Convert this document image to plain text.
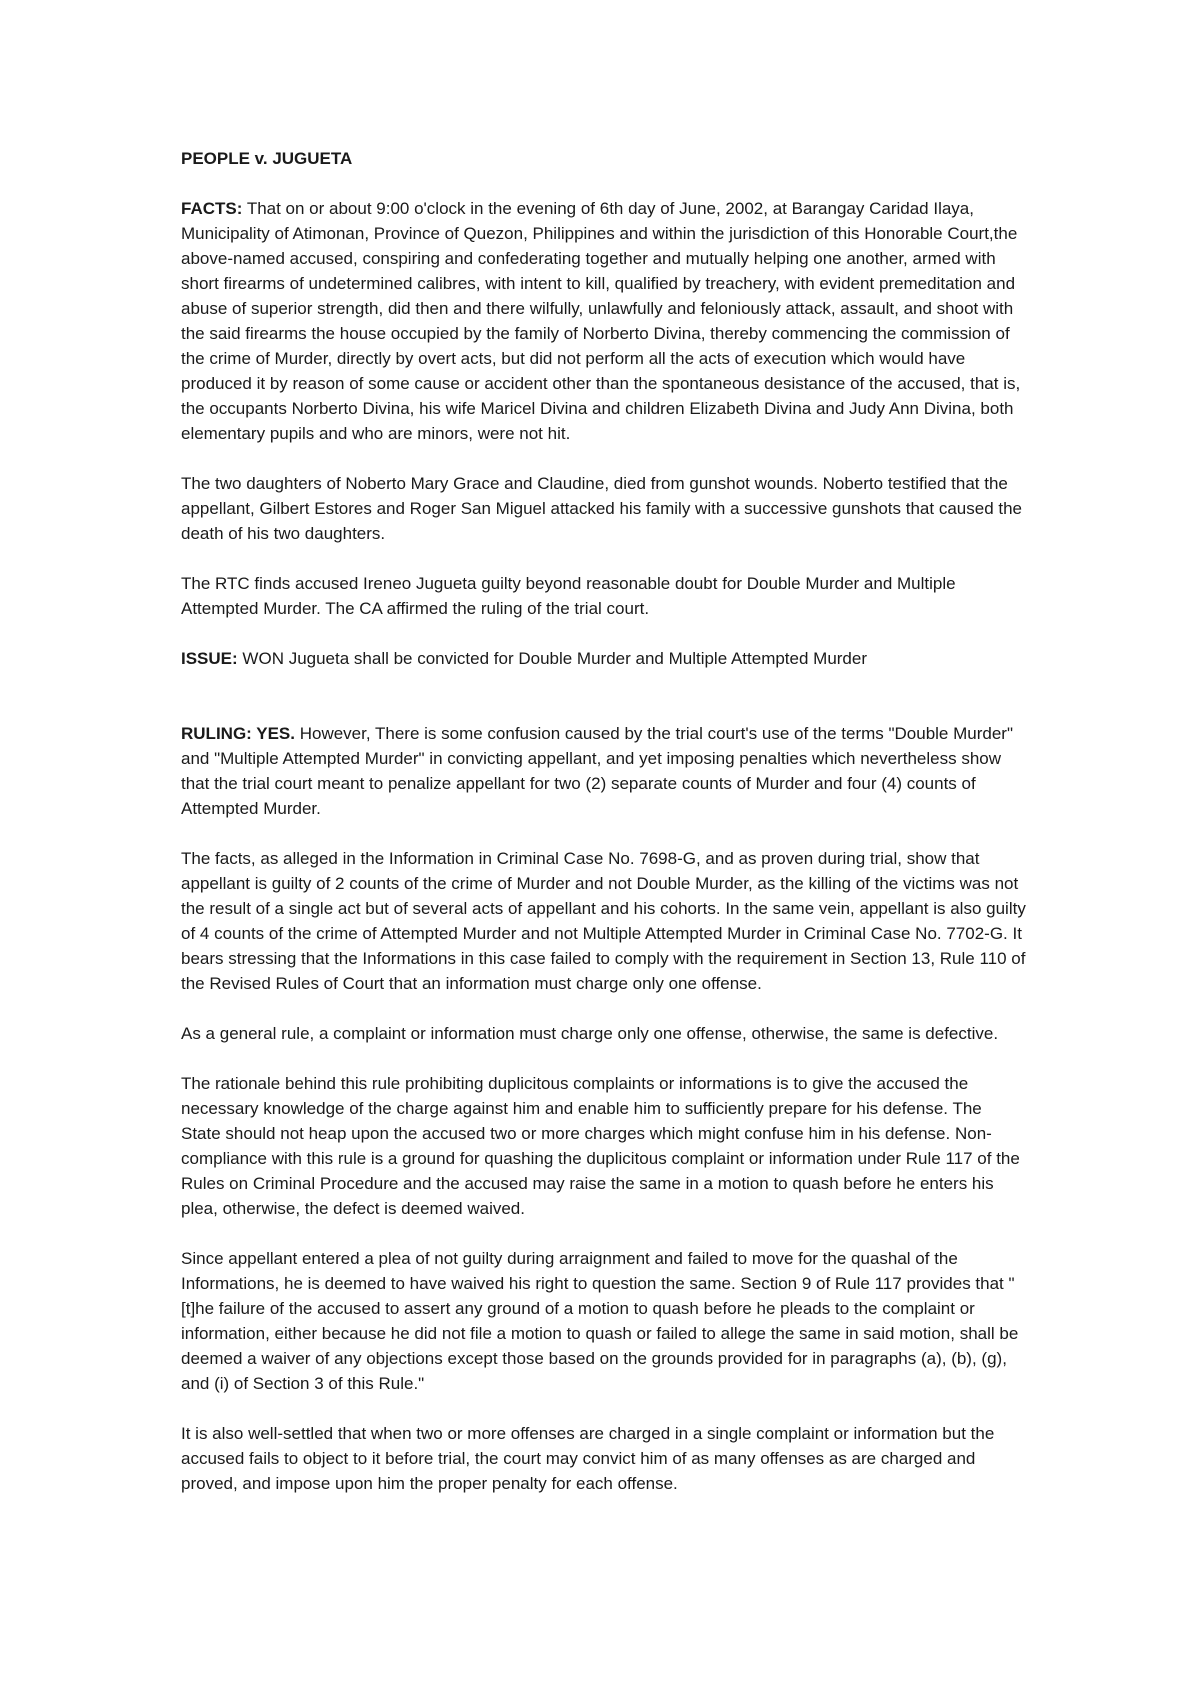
PEOPLE v. JUGUETA

FACTS: That on or about 9:00 o'clock in the evening of 6th day of June, 2002, at Barangay Caridad Ilaya, Municipality of Atimonan, Province of Quezon, Philippines and within the jurisdiction of this Honorable Court,the above-named accused, conspiring and confederating together and mutually helping one another, armed with short firearms of undetermined calibres, with intent to kill, qualified by treachery, with evident premeditation and abuse of superior strength, did then and there wilfully, unlawfully and feloniously attack, assault, and shoot with the said firearms the house occupied by the family of Norberto Divina, thereby commencing the commission of the crime of Murder, directly by overt acts, but did not perform all the acts of execution which would have produced it by reason of some cause or accident other than the spontaneous desistance of the accused, that is, the occupants Norberto Divina, his wife Maricel Divina and children Elizabeth Divina and Judy Ann Divina, both elementary pupils and who are minors, were not hit.

The two daughters of Noberto Mary Grace and Claudine, died from gunshot wounds. Noberto testified that the appellant, Gilbert Estores and Roger San Miguel attacked his family with a successive gunshots that caused the death of his two daughters.

The RTC finds accused Ireneo Jugueta guilty beyond reasonable doubt for Double Murder and Multiple Attempted Murder. The CA affirmed the ruling of the trial court.

ISSUE: WON Jugueta shall be convicted for Double Murder and Multiple Attempted Murder

RULING: YES. However, There is some confusion caused by the trial court's use of the terms "Double Murder" and "Multiple Attempted Murder" in convicting appellant, and yet imposing penalties which nevertheless show that the trial court meant to penalize appellant for two (2) separate counts of Murder and four (4) counts of Attempted Murder.

The facts, as alleged in the Information in Criminal Case No. 7698-G, and as proven during trial, show that appellant is guilty of 2 counts of the crime of Murder and not Double Murder, as the killing of the victims was not the result of a single act but of several acts of appellant and his cohorts. In the same vein, appellant is also guilty of 4 counts of the crime of Attempted Murder and not Multiple Attempted Murder in Criminal Case No. 7702-G. It bears stressing that the Informations in this case failed to comply with the requirement in Section 13, Rule 110 of the Revised Rules of Court that an information must charge only one offense.

As a general rule, a complaint or information must charge only one offense, otherwise, the same is defective.

The rationale behind this rule prohibiting duplicitous complaints or informations is to give the accused the necessary knowledge of the charge against him and enable him to sufficiently prepare for his defense. The State should not heap upon the accused two or more charges which might confuse him in his defense. Non-compliance with this rule is a ground for quashing the duplicitous complaint or information under Rule 117 of the Rules on Criminal Procedure and the accused may raise the same in a motion to quash before he enters his plea, otherwise, the defect is deemed waived.

Since appellant entered a plea of not guilty during arraignment and failed to move for the quashal of the Informations, he is deemed to have waived his right to question the same. Section 9 of Rule 117 provides that "[t]he failure of the accused to assert any ground of a motion to quash before he pleads to the complaint or information, either because he did not file a motion to quash or failed to allege the same in said motion, shall be deemed a waiver of any objections except those based on the grounds provided for in paragraphs (a), (b), (g), and (i) of Section 3 of this Rule."

It is also well-settled that when two or more offenses are charged in a single complaint or information but the accused fails to object to it before trial, the court may convict him of as many offenses as are charged and proved, and impose upon him the proper penalty for each offense.
